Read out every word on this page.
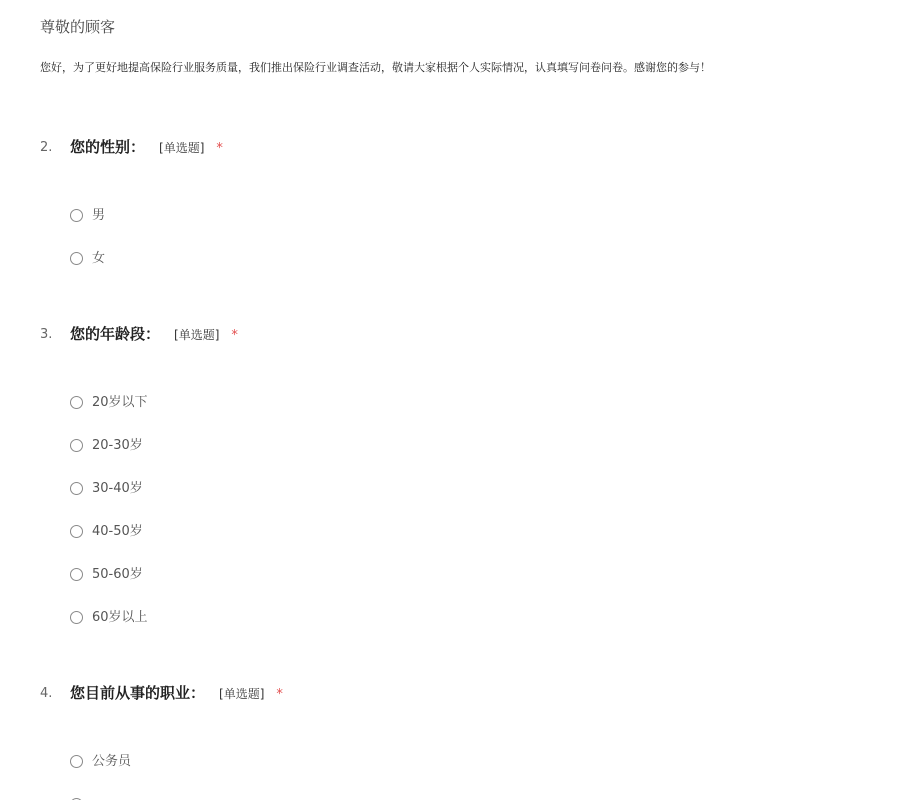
尊敬的顾客
您好，为了更好地提高保险行业服务质量，我们推出保险行业调查活动，敬请大家根据个人实际情况，认真填写问卷问卷。感谢您的参与！
2. 您的性别： [单选题] *
男
女
3. 您的年龄段： [单选题] *
20岁以下
20-30岁
30-40岁
40-50岁
50-60岁
60岁以上
4. 您目前从事的职业： [单选题] *
公务员
